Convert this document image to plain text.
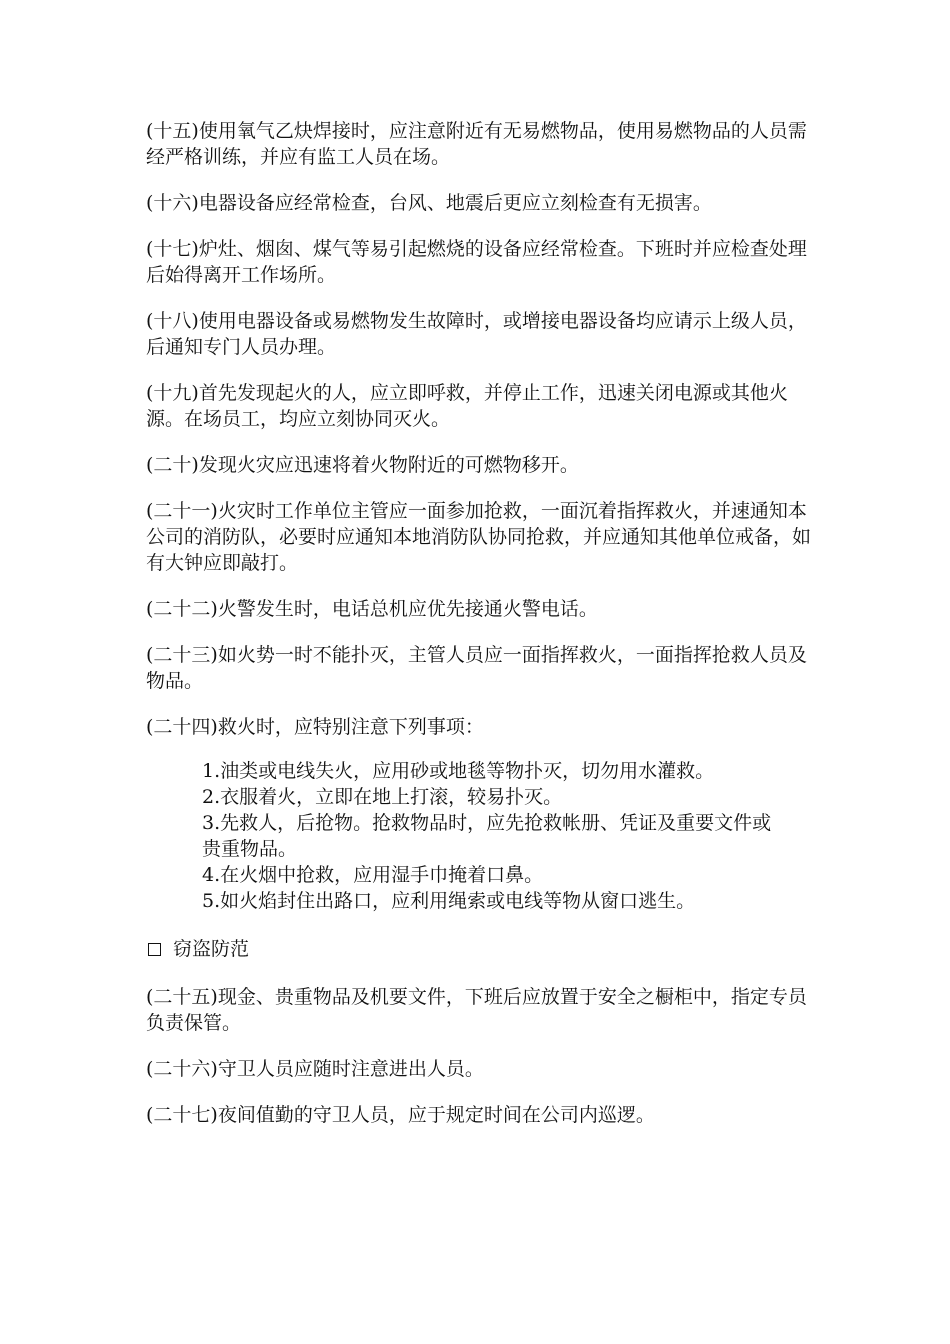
(十五)使用氧气乙炔焊接时，应注意附近有无易燃物品，使用易燃物品的人员需经严格训练，并应有监工人员在场。

(十六)电器设备应经常检查，台风、地震后更应立刻检查有无损害。

(十七)炉灶、烟囱、煤气等易引起燃烧的设备应经常检查。下班时并应检查处理后始得离开工作场所。

(十八)使用电器设备或易燃物发生故障时，或增接电器设备均应请示上级人员，后通知专门人员办理。

(十九)首先发现起火的人，应立即呼救，并停止工作，迅速关闭电源或其他火源。在场员工，均应立刻协同灭火。

(二十)发现火灾应迅速将着火物附近的可燃物移开。

(二十一)火灾时工作单位主管应一面参加抢救，一面沉着指挥救火，并速通知本公司的消防队，必要时应通知本地消防队协同抢救，并应通知其他单位戒备，如有大钟应即敲打。

(二十二)火警发生时，电话总机应优先接通火警电话。

(二十三)如火势一时不能扑灭，主管人员应一面指挥救火，一面指挥抢救人员及物品。

(二十四)救火时，应特别注意下列事项：

1.油类或电线失火，应用砂或地毯等物扑灭，切勿用水灌救。

2.衣服着火，立即在地上打滚，较易扑灭。

3.先救人，后抢物。抢救物品时，应先抢救帐册、凭证及重要文件或贵重物品。

4.在火烟中抢救，应用湿手巾掩着口鼻。

5.如火焰封住出路口，应利用绳索或电线等物从窗口逃生。

窃盗防范

(二十五)现金、贵重物品及机要文件，下班后应放置于安全之橱柜中，指定专员负责保管。

(二十六)守卫人员应随时注意进出人员。

(二十七)夜间值勤的守卫人员，应于规定时间在公司内巡逻。
